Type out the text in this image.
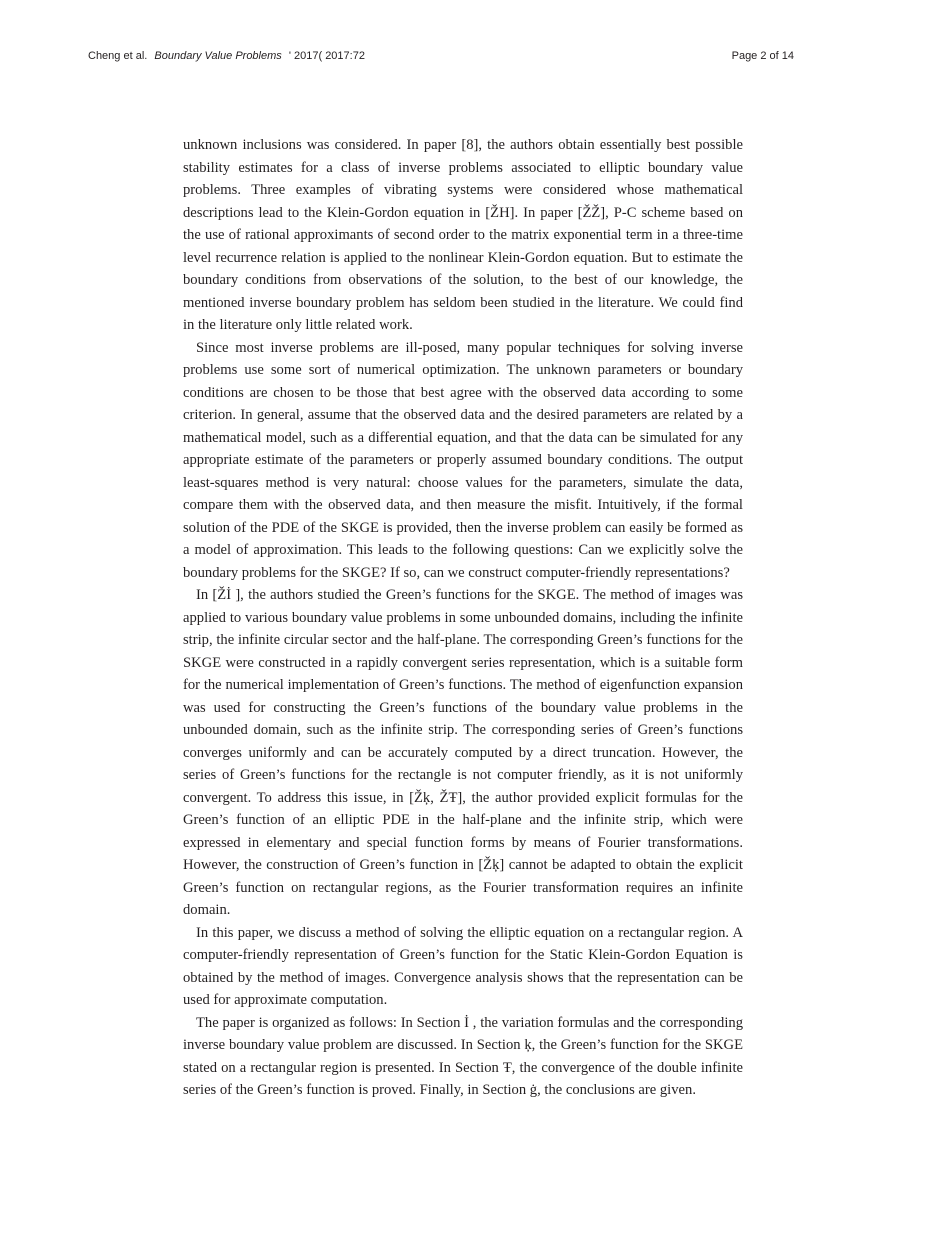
Cheng et al. Boundary Value Problems ' 2017( 2017:72	Page 2 of 14

unknown inclusions was considered. In paper [8], the authors obtain essentially best possible stability estimates for a class of inverse problems associated to elliptic boundary value problems. Three examples of vibrating systems were considered whose mathematical descriptions lead to the Klein-Gordon equation in [ŽH]. In paper [ŽŽ], P-C scheme based on the use of rational approximants of second order to the matrix exponential term in a three-time level recurrence relation is applied to the nonlinear Klein-Gordon equation. But to estimate the boundary conditions from observations of the solution, to the best of our knowledge, the mentioned inverse boundary problem has seldom been studied in the literature. We could find in the literature only little related work.

Since most inverse problems are ill-posed, many popular techniques for solving inverse problems use some sort of numerical optimization. The unknown parameters or boundary conditions are chosen to be those that best agree with the observed data according to some criterion. In general, assume that the observed data and the desired parameters are related by a mathematical model, such as a differential equation, and that the data can be simulated for any appropriate estimate of the parameters or properly assumed boundary conditions. The output least-squares method is very natural: choose values for the parameters, simulate the data, compare them with the observed data, and then measure the misfit. Intuitively, if the formal solution of the PDE of the SKGE is provided, then the inverse problem can easily be formed as a model of approximation. This leads to the following questions: Can we explicitly solve the boundary problems for the SKGE? If so, can we construct computer-friendly representations?

In [Žİ ], the authors studied the Green’s functions for the SKGE. The method of images was applied to various boundary value problems in some unbounded domains, including the infinite strip, the infinite circular sector and the half-plane. The corresponding Green’s functions for the SKGE were constructed in a rapidly convergent series representation, which is a suitable form for the numerical implementation of Green’s functions. The method of eigenfunction expansion was used for constructing the Green’s functions of the boundary value problems in the unbounded domain, such as the infinite strip. The corresponding series of Green’s functions converges uniformly and can be accurately computed by a direct truncation. However, the series of Green’s functions for the rectangle is not computer friendly, as it is not uniformly convergent. To address this issue, in [Žķ, ŽŦ], the author provided explicit formulas for the Green’s function of an elliptic PDE in the half-plane and the infinite strip, which were expressed in elementary and special function forms by means of Fourier transformations. However, the construction of Green’s function in [Žķ] cannot be adapted to obtain the explicit Green’s function on rectangular regions, as the Fourier transformation requires an infinite domain.

In this paper, we discuss a method of solving the elliptic equation on a rectangular region. A computer-friendly representation of Green’s function for the Static Klein-Gordon Equation is obtained by the method of images. Convergence analysis shows that the representation can be used for approximate computation.

The paper is organized as follows: In Section İ , the variation formulas and the corresponding inverse boundary value problem are discussed. In Section ķ, the Green’s function for the SKGE stated on a rectangular region is presented. In Section Ŧ, the convergence of the double infinite series of the Green’s function is proved. Finally, in Section ġ, the conclusions are given.
